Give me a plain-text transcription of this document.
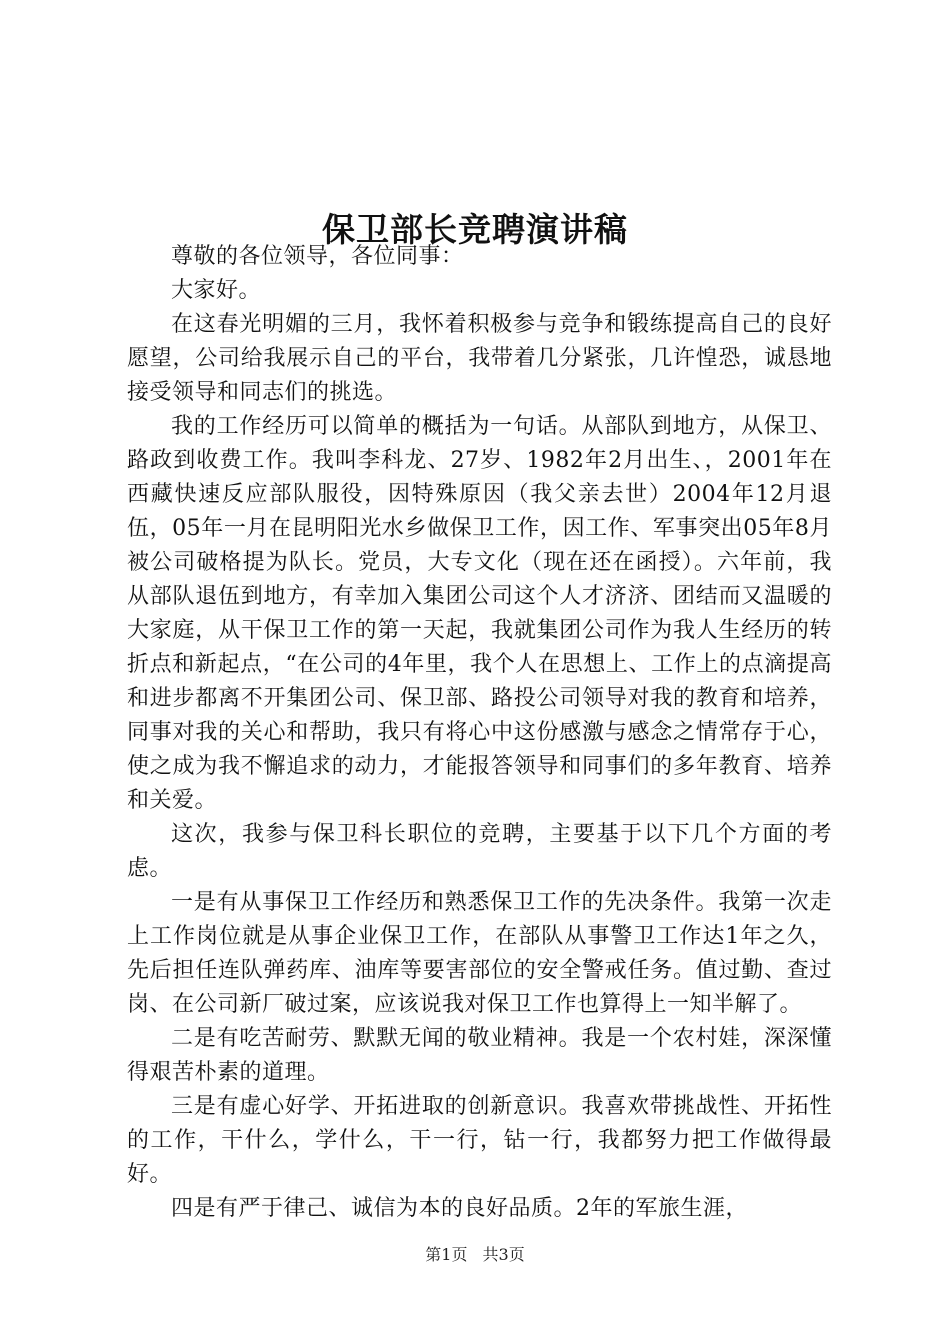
保卫部长竞聘演讲稿

尊敬的各位领导，各位同事：

大家好。

在这春光明媚的三月，我怀着积极参与竞争和锻练提高自己的良好愿望，公司给我展示自己的平台，我带着几分紧张，几许惶恐，诚恳地接受领导和同志们的挑选。

我的工作经历可以简单的概括为一句话。从部队到地方，从保卫、路政到收费工作。我叫李科龙、27岁、1982年2月出生、，2001年在西藏快速反应部队服役，因特殊原因（我父亲去世）2004年12月退伍，05年一月在昆明阳光水乡做保卫工作，因工作、军事突出05年8月被公司破格提为队长。党员，大专文化（现在还在函授）。六年前，我从部队退伍到地方，有幸加入集团公司这个人才济济、团结而又温暖的大家庭，从干保卫工作的第一天起，我就集团公司作为我人生经历的转折点和新起点，“在公司的4年里，我个人在思想上、工作上的点滴提高和进步都离不开集团公司、保卫部、路投公司领导对我的教育和培养，同事对我的关心和帮助，我只有将心中这份感激与感念之情常存于心，使之成为我不懈追求的动力，才能报答领导和同事们的多年教育、培养和关爱。

这次，我参与保卫科长职位的竞聘，主要基于以下几个方面的考虑。

一是有从事保卫工作经历和熟悉保卫工作的先决条件。我第一次走上工作岗位就是从事企业保卫工作，在部队从事警卫工作达1年之久，先后担任连队弹药库、油库等要害部位的安全警戒任务。值过勤、查过岗、在公司新厂破过案，应该说我对保卫工作也算得上一知半解了。

二是有吃苦耐劳、默默无闻的敬业精神。我是一个农村娃，深深懂得艰苦朴素的道理。

三是有虚心好学、开拓进取的创新意识。我喜欢带挑战性、开拓性的工作，干什么，学什么，干一行，钻一行，我都努力把工作做得最好。

四是有严于律己、诚信为本的良好品质。2年的军旅生涯，

第1页 共3页
